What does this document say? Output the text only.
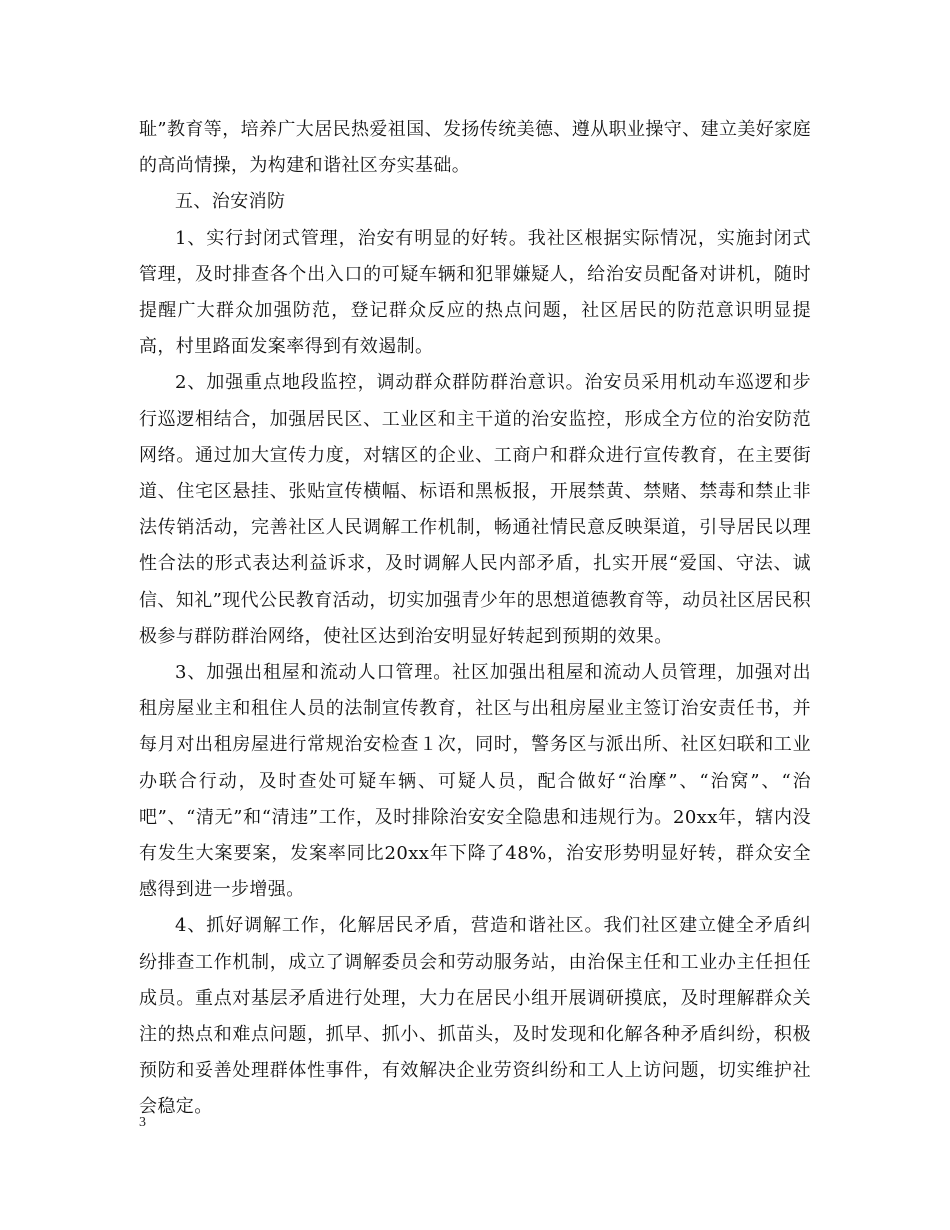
耻”教育等，培养广大居民热爱祖国、发扬传统美德、遵从职业操守、建立美好家庭的高尚情操，为构建和谐社区夯实基础。

五、治安消防

1、实行封闭式管理，治安有明显的好转。我社区根据实际情况，实施封闭式管理，及时排查各个出入口的可疑车辆和犯罪嫌疑人，给治安员配备对讲机，随时提醒广大群众加强防范，登记群众反应的热点问题，社区居民的防范意识明显提高，村里路面发案率得到有效遏制。

2、加强重点地段监控，调动群众群防群治意识。治安员采用机动车巡逻和步行巡逻相结合，加强居民区、工业区和主干道的治安监控，形成全方位的治安防范网络。通过加大宣传力度，对辖区的企业、工商户和群众进行宣传教育，在主要街道、住宅区悬挂、张贴宣传横幅、标语和黑板报，开展禁黄、禁赌、禁毒和禁止非法传销活动，完善社区人民调解工作机制，畅通社情民意反映渠道，引导居民以理性合法的形式表达利益诉求，及时调解人民内部矛盾，扎实开展“爱国、守法、诚信、知礼”现代公民教育活动，切实加强青少年的思想道德教育等，动员社区居民积极参与群防群治网络，使社区达到治安明显好转起到预期的效果。

3、加强出租屋和流动人口管理。社区加强出租屋和流动人员管理，加强对出租房屋业主和租住人员的法制宣传教育，社区与出租房屋业主签订治安责任书，并每月对出租房屋进行常规治安检查１次，同时，警务区与派出所、社区妇联和工业办联合行动，及时查处可疑车辆、可疑人员，配合做好“治摩”、“治窝”、“治吧”、“清无”和“清违”工作，及时排除治安安全隐患和违规行为。20xx年，辖内没有发生大案要案，发案率同比20xx年下降了48%，治安形势明显好转，群众安全感得到进一步增强。

4、抓好调解工作，化解居民矛盾，营造和谐社区。我们社区建立健全矛盾纠纷排查工作机制，成立了调解委员会和劳动服务站，由治保主任和工业办主任担任成员。重点对基层矛盾进行处理，大力在居民小组开展调研摸底，及时理解群众关注的热点和难点问题，抓早、抓小、抓苗头，及时发现和化解各种矛盾纠纷，积极预防和妥善处理群体性事件，有效解决企业劳资纠纷和工人上访问题，切实维护社会稳定。

3
